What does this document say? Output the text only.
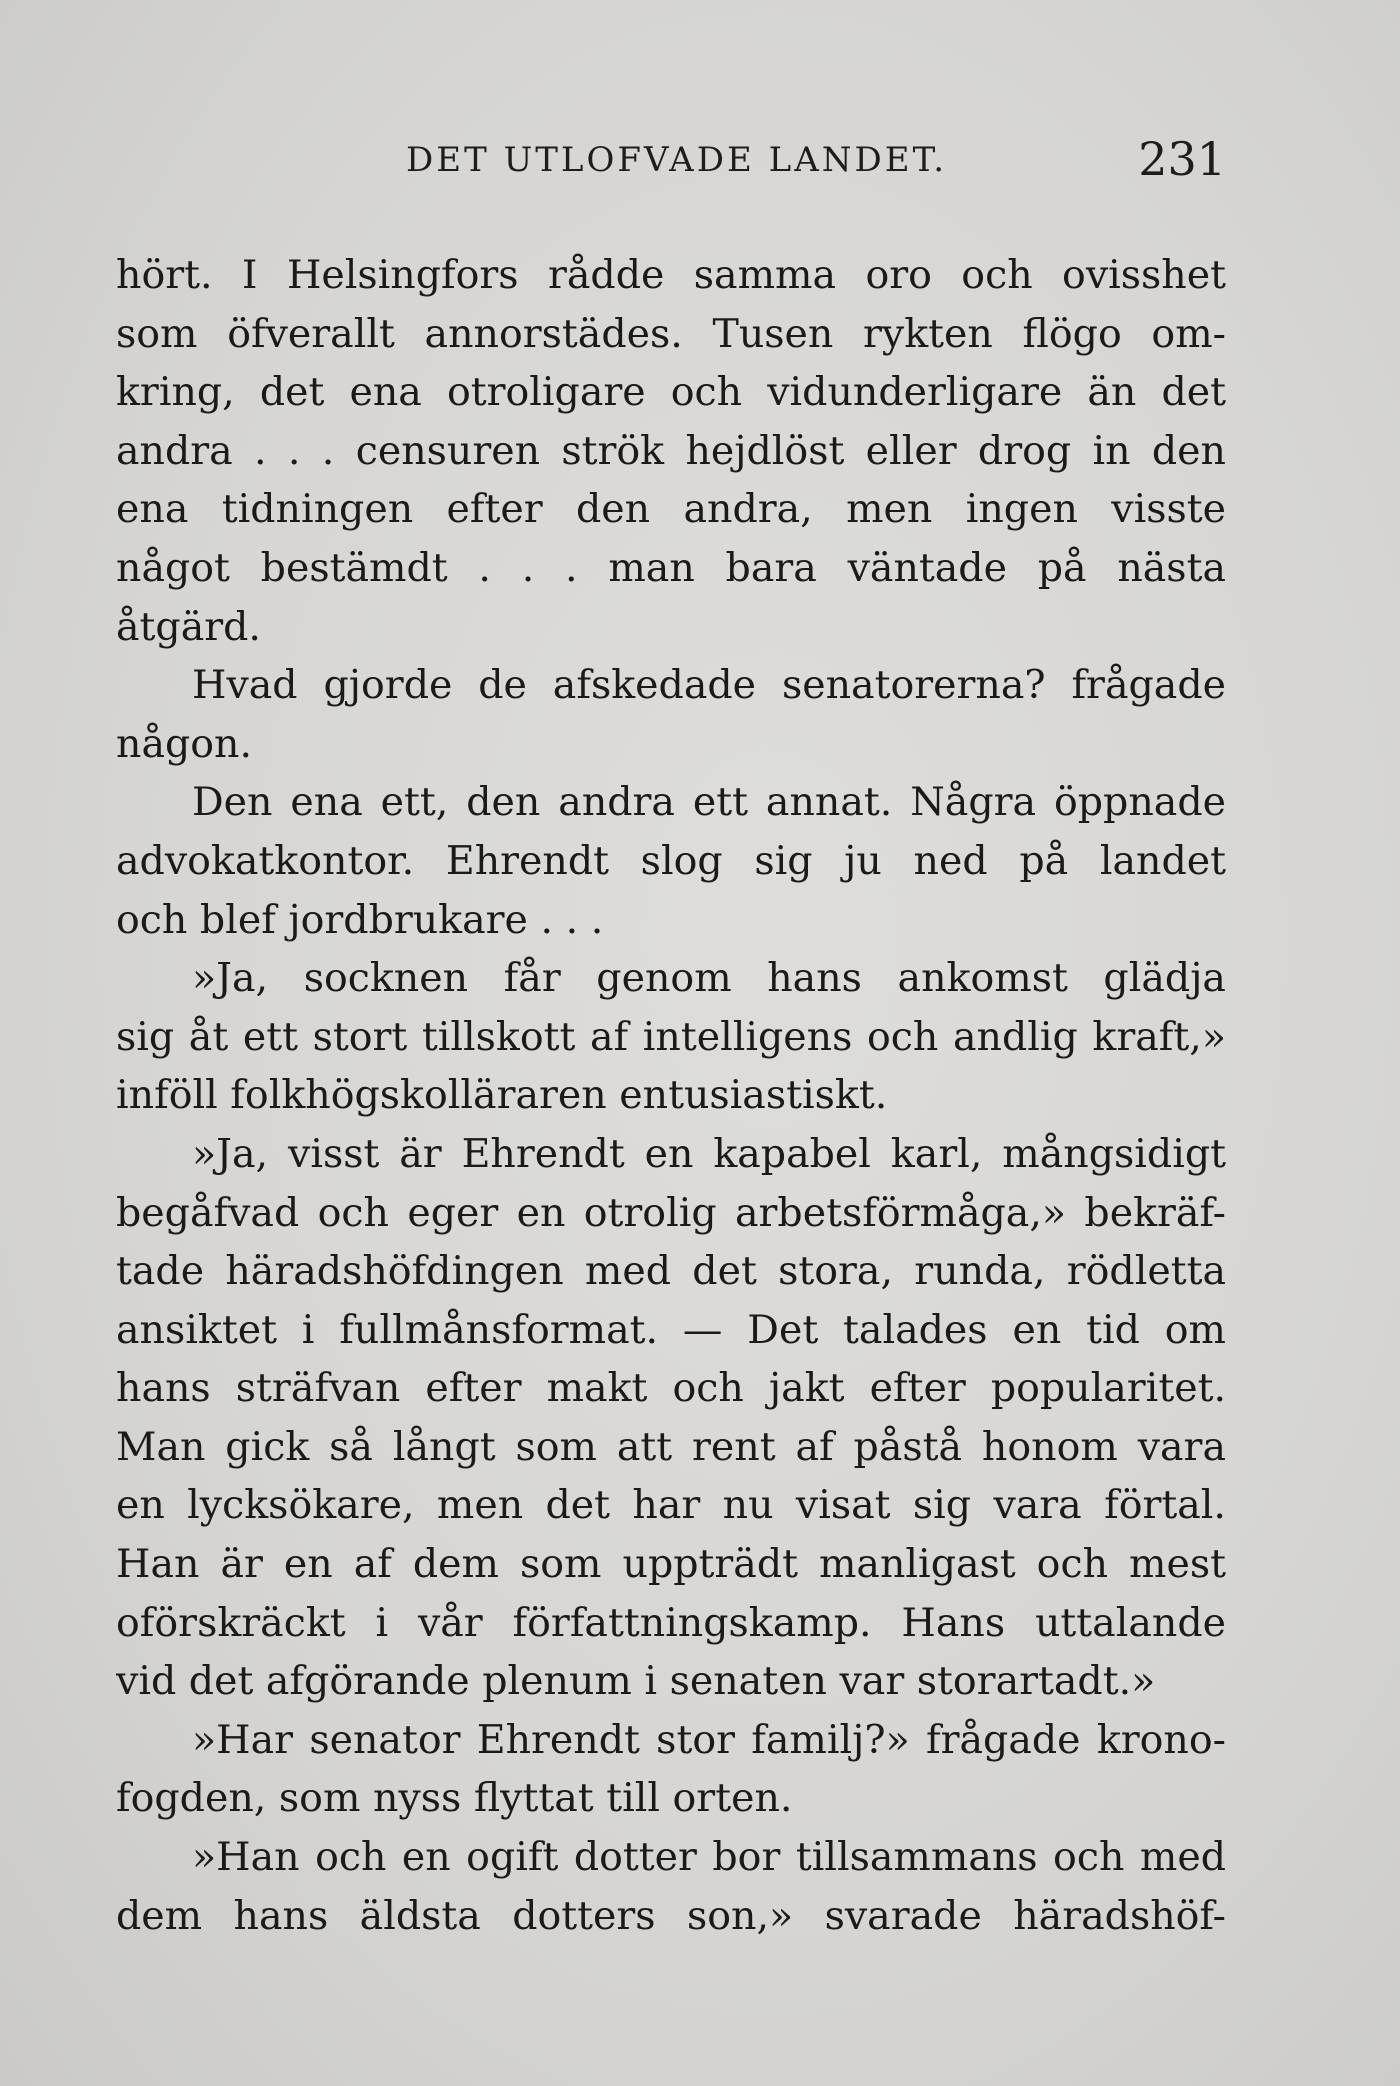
DET UTLOFVADE LANDET.	231
hört. I Helsingfors rådde samma oro och ovisshet
som öfverallt annorstädes. Tusen rykten flögo om-
kring, det ena otroligare och vidunderligare än det
andra . . . censuren strök hejdlöst eller drog in den
ena tidningen efter den andra, men ingen visste
något bestämdt . . . man bara väntade på nästa
åtgärd.
Hvad gjorde de afskedade senatorerna? frågade
någon.
Den ena ett, den andra ett annat. Några öppnade
advokatkontor. Ehrendt slog sig ju ned på landet
och blef jordbrukare . . .
»Ja, socknen får genom hans ankomst glädja
sig åt ett stort tillskott af intelligens och andlig kraft,»
inföll folkhögskolläraren entusiastiskt.
»Ja, visst är Ehrendt en kapabel karl, mångsidigt
begåfvad och eger en otrolig arbetsförmåga,» bekräf-
tade häradshöfdingen med det stora, runda, rödletta
ansiktet i fullmånsformat. — Det talades en tid om
hans sträfvan efter makt och jakt efter popularitet.
Man gick så långt som att rent af påstå honom vara
en lycksökare, men det har nu visat sig vara förtal.
Han är en af dem som uppträdt manligast och mest
oförskräckt i vår författningskamp. Hans uttalande
vid det afgörande plenum i senaten var storartadt.»
»Har senator Ehrendt stor familj?» frågade krono-
fogden, som nyss flyttat till orten.
»Han och en ogift dotter bor tillsammans och med
dem hans äldsta dotters son,» svarade häradshöf-
